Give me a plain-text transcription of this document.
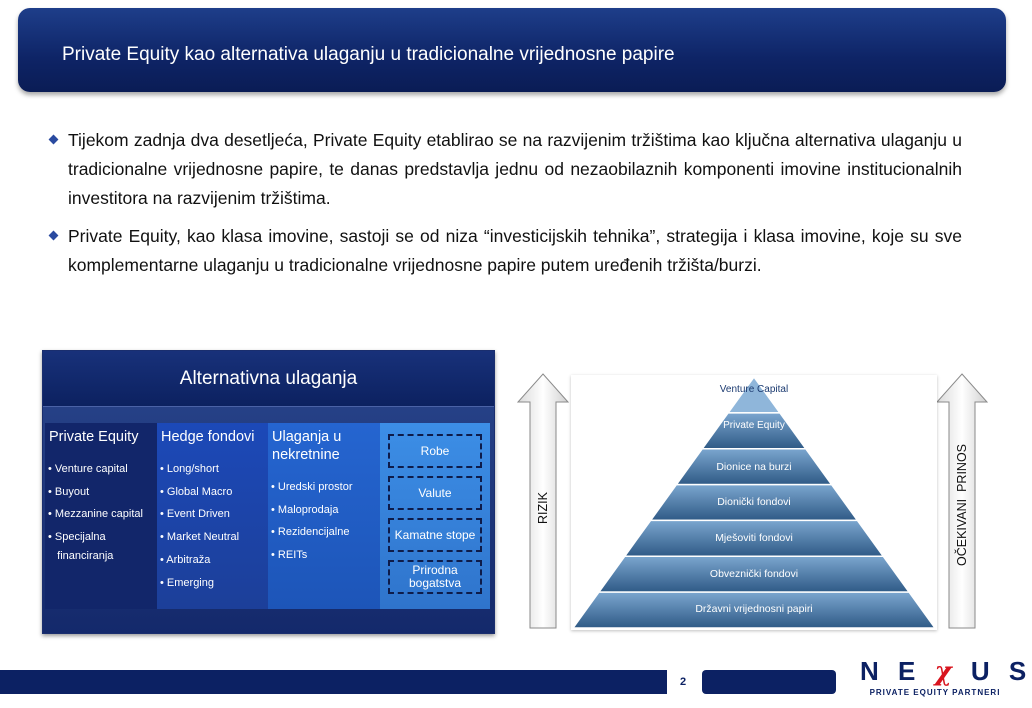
Private Equity kao alternativa ulaganju u tradicionalne vrijednosne papire
Tijekom zadnja dva desetljeća, Private Equity etablirao se na razvijenim tržištima kao ključna alternativa ulaganju u tradicionalne vrijednosne papire, te danas predstavlja jednu od nezaobilaznih komponenti imovine institucionalnih investitora na razvijenim tržištima.
Private Equity, kao klasa imovine, sastoji se od niza “investicijskih tehnika”, strategija i klasa imovine, koje su sve komplementarne ulaganju u tradicionalne vrijednosne papire putem uređenih tržišta/burzi.
Alternativna ulaganja
Private Equity
• Venture capital
• Buyout
• Mezzanine capital
• Specijalna
financiranja
Hedge fondovi
• Long/short
• Global Macro
• Event Driven
• Market Neutral
• Arbitraža
• Emerging
Ulaganja u nekretnine
• Uredski prostor
• Maloprodaja
• Rezidencijalne
• REITs
Robe
Valute
Kamatne stope
Prirodna bogatstva
RIZIK	OČEKIVANI  PRINOS
Venture Capital
Private Equity
Dionice na burzi
Dionički fondovi
Mješoviti fondovi
Obveznički fondovi
Državni vrijednosni papiri
2	N E χ U S
PRIVATE EQUITY PARTNERI
